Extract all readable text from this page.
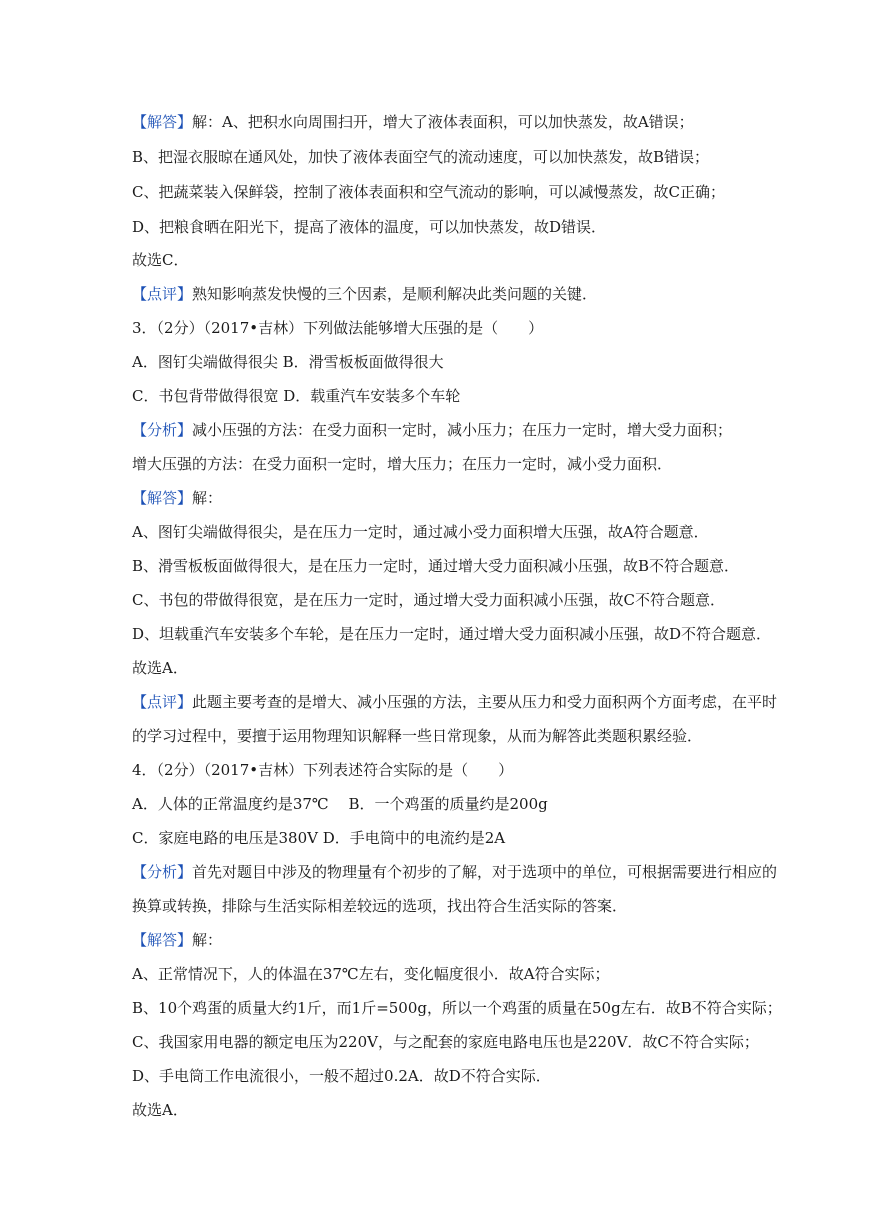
【解答】解：A、把积水向周围扫开，增大了液体表面积，可以加快蒸发，故A错误；
B、把湿衣服晾在通风处，加快了液体表面空气的流动速度，可以加快蒸发，故B错误；
C、把蔬菜装入保鲜袋，控制了液体表面积和空气流动的影响，可以减慢蒸发，故C正确；
D、把粮食晒在阳光下，提高了液体的温度，可以加快蒸发，故D错误．
故选C．
【点评】熟知影响蒸发快慢的三个因素，是顺利解决此类问题的关键．
3．（2分）（2017•吉林）下列做法能够增大压强的是（　　）
A．图钉尖端做得很尖 B．滑雪板板面做得很大
C．书包背带做得很宽 D．载重汽车安装多个车轮
【分析】减小压强的方法：在受力面积一定时，减小压力；在压力一定时，增大受力面积；
增大压强的方法：在受力面积一定时，增大压力；在压力一定时，减小受力面积．
【解答】解：
A、图钉尖端做得很尖，是在压力一定时，通过减小受力面积增大压强，故A符合题意．
B、滑雪板板面做得很大，是在压力一定时，通过增大受力面积减小压强，故B不符合题意．
C、书包的带做得很宽，是在压力一定时，通过增大受力面积减小压强，故C不符合题意．
D、坦载重汽车安装多个车轮，是在压力一定时，通过增大受力面积减小压强，故D不符合题意．
故选A．
【点评】此题主要考查的是增大、减小压强的方法，主要从压力和受力面积两个方面考虑，在平时
的学习过程中，要擅于运用物理知识解释一些日常现象，从而为解答此类题积累经验．
4．（2分）（2017•吉林）下列表述符合实际的是（　　）
A．人体的正常温度约是37℃　 B．一个鸡蛋的质量约是200g
C．家庭电路的电压是380V D．手电筒中的电流约是2A
【分析】首先对题目中涉及的物理量有个初步的了解，对于选项中的单位，可根据需要进行相应的
换算或转换，排除与生活实际相差较远的选项，找出符合生活实际的答案．
【解答】解：
A、正常情况下，人的体温在37℃左右，变化幅度很小．故A符合实际；
B、10个鸡蛋的质量大约1斤，而1斤=500g，所以一个鸡蛋的质量在50g左右．故B不符合实际；
C、我国家用电器的额定电压为220V，与之配套的家庭电路电压也是220V．故C不符合实际；
D、手电筒工作电流很小，一般不超过0.2A．故D不符合实际．
故选A．
